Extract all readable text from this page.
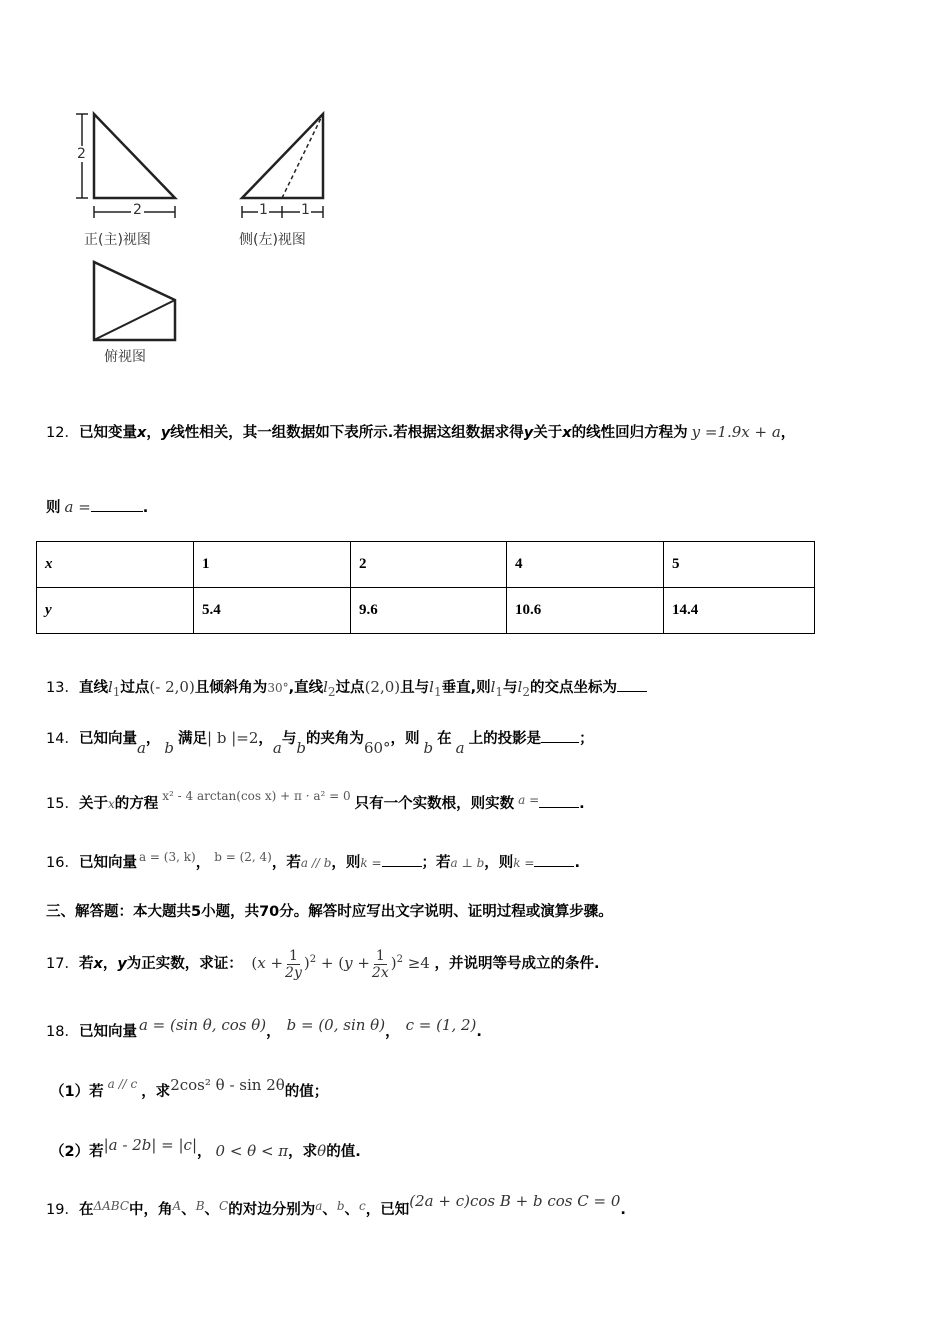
2
2	1 1
正(主)视图	侧(左)视图
俯视图
12．已知变量x，y线性相关，其一组数据如下表所示.若根据这组数据求得y关于x的线性回归方程为 y =1.9x + a，
则 a =	.
x	1	2	4	5
y	5.4	9.6	10.6	14.4
13．直线$l_1$过点(- 2,0)且倾斜角为30°,直线$l_2$过点(2,0)且与$l_1$垂直,则$l_1$与$l_2$的交点坐标为
14．已知向量a， b 满足| b |=2，a与b的夹角为60°，则 b 在 a 上的投影是	；
15．关于x的方程 $^{x^2 - 4 arctan(cos x) + \pi \cdot a^2 = 0}$ 只有一个实数根，则实数 $^{a =}$	.
16．已知向量 $^{a = (3, k)}$， $^{b = (2, 4)}$，若a // b，则k =	；若a ⊥ b，则k =	.
三、解答题：本大题共5小题，共70分。解答时应写出文字说明、证明过程或演算步骤。
17．若x，y为正实数，求证： $(x + \frac{1}{2y} )^2 + (y + \frac{1}{2x} )^2 \ge 4$ ，并说明等号成立的条件.
18．已知向量 a = (sin θ, cos θ)， b = (0, sin θ)， c = (1, 2).
（1）若 $^{a // c}$ ，求2cos² θ - sin 2θ的值；
（2）若|a - 2b| = |c|， 0 < θ < π，求θ的值.
19．在$^{\Delta ABC}$中，角$^A$、$^B$、$^C$的对边分别为$^a$、$^b$、$^c$，已知(2a + c)cos B + b cos C = 0.
